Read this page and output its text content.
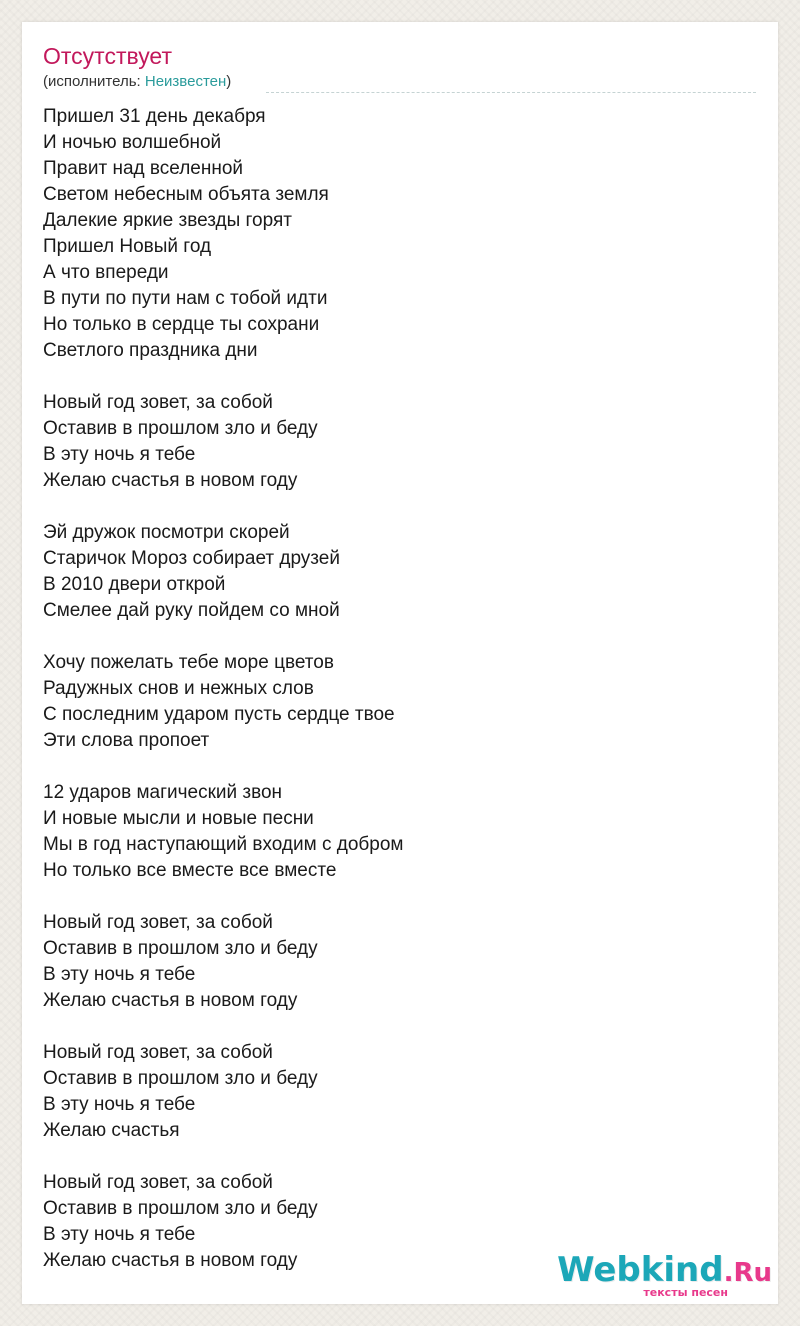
Отсутствует
(исполнитель: Неизвестен)
Пришел 31 день декабря
И ночью волшебной
Правит над вселенной
Светом небесным объята земля
Далекие яркие звезды горят
Пришел Новый год
А что впереди
В пути по пути нам с тобой идти
Но только в сердце ты сохрани
Светлого праздника дни
Новый год зовет, за собой
Оставив в прошлом зло и беду
В эту ночь я тебе
Желаю счастья в новом году
Эй дружок посмотри скорей
Старичок Мороз собирает друзей
В 2010 двери открой
Смелее дай руку пойдем со мной
Хочу пожелать тебе море цветов
Радужных снов и нежных слов
С последним ударом пусть сердце твое
Эти слова пропоет
12 ударов магический звон
И новые мысли и новые песни
Мы в год наступающий входим с добром
Но только все вместе все вместе
Новый год зовет, за собой
Оставив в прошлом зло и беду
В эту ночь я тебе
Желаю счастья в новом году
Новый год зовет, за собой
Оставив в прошлом зло и беду
В эту ночь я тебе
Желаю счастья
Новый год зовет, за собой
Оставив в прошлом зло и беду
В эту ночь я тебе
Желаю счастья в новом году	Webkind.Ru
тексты песен
